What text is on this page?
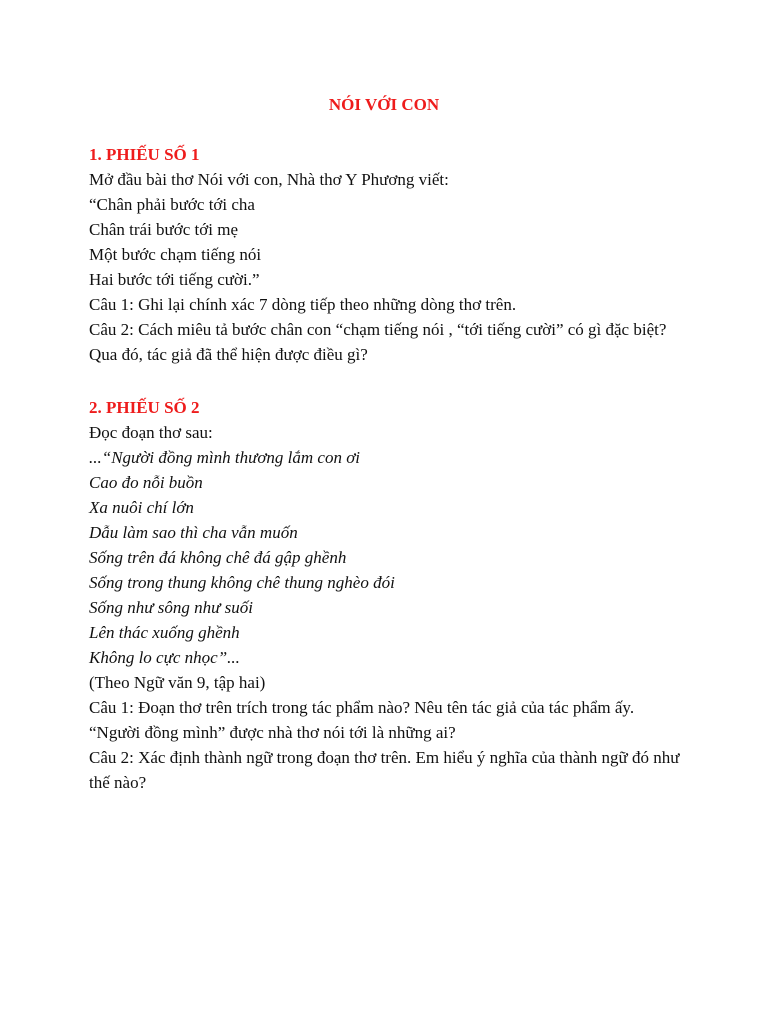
NÓI VỚI CON
1. PHIẾU SỐ 1
Mở đầu bài thơ Nói với con, Nhà thơ Y Phương viết:
“Chân phải bước tới cha
Chân trái bước tới mẹ
Một bước chạm tiếng nói
Hai bước tới tiếng cười.”
Câu 1: Ghi lại chính xác 7 dòng tiếp theo những dòng thơ trên.
Câu 2: Cách miêu tả bước chân con “chạm tiếng nói , “tới tiếng cười” có gì đặc biệt? Qua đó, tác giả đã thể hiện được điều gì?
2. PHIẾU SỐ 2
Đọc đoạn thơ sau:
...“Người đồng mình thương lắm con ơi
Cao đo nỗi buồn
Xa nuôi chí lớn
Dẫu làm sao thì cha vẫn muốn
Sống trên đá không chê đá gập ghềnh
Sống trong thung không chê thung nghèo đói
Sống như sông như suối
Lên thác xuống ghềnh
Không lo cực nhọc”...
(Theo Ngữ văn 9, tập hai)
Câu 1: Đoạn thơ trên trích trong tác phẩm nào? Nêu tên tác giả của tác phẩm ấy. “Người đồng mình” được nhà thơ nói tới là những ai?
Câu 2: Xác định thành ngữ trong đoạn thơ trên. Em hiểu ý nghĩa của thành ngữ đó như thế nào?
